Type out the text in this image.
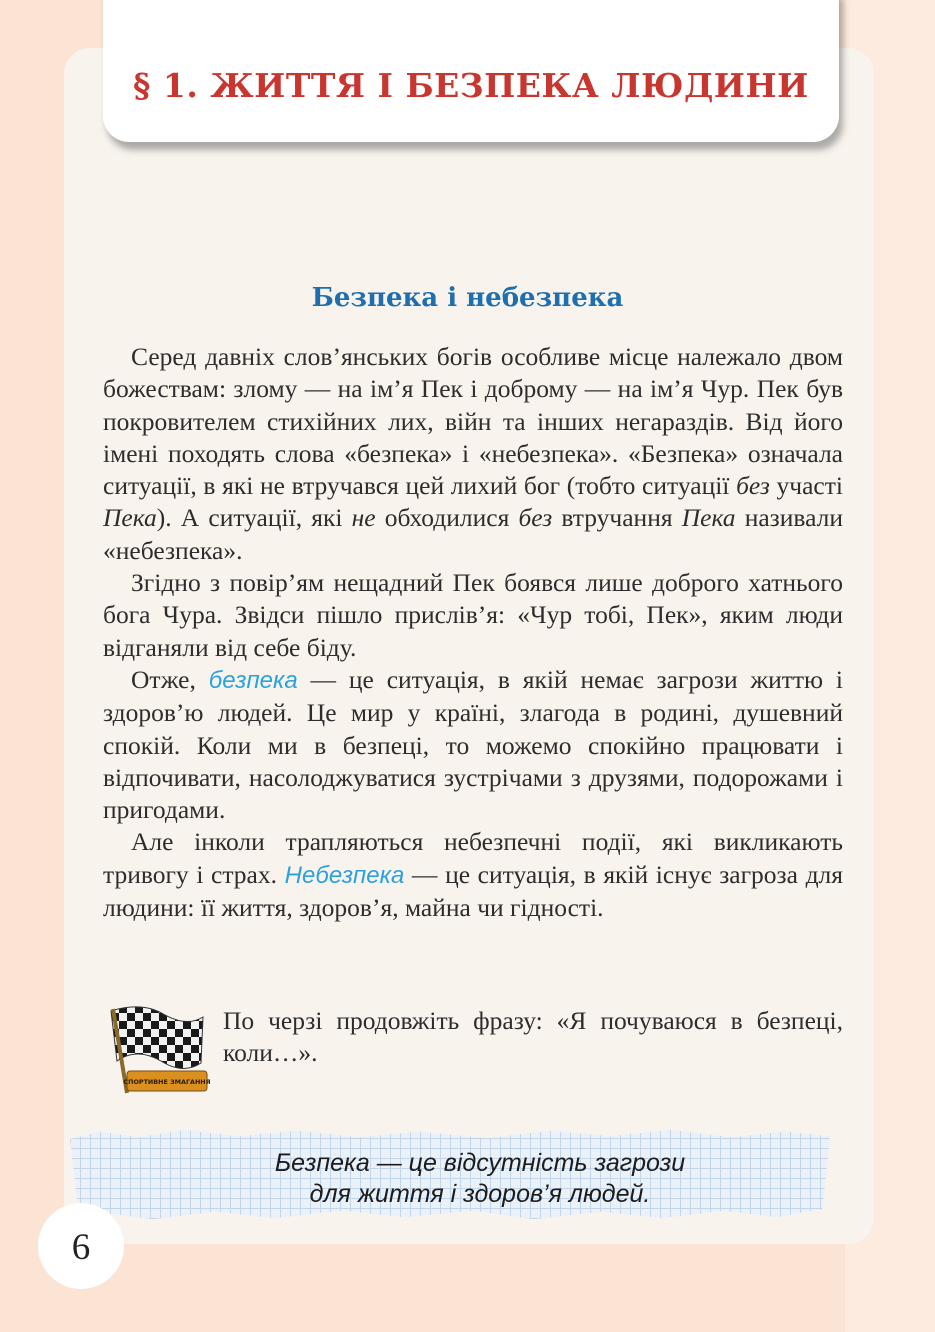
§ 1. ЖИТТЯ І БЕЗПЕКА ЛЮДИНИ
Безпека і небезпека

Серед давніх слов’янських богів особливе місце належало двом божествам: злому — на ім’я Пек і доброму — на ім’я Чур. Пек був покровителем стихійних лих, війн та інших негараздів. Від його імені походять слова «безпека» і «небезпека». «Безпека» означала ситуації, в які не втручався цей лихий бог (тобто ситуації без участі Пека). А ситуації, які не обходилися без втручання Пека називали «небезпека».

Згідно з повір’ям нещадний Пек боявся лише доброго хатнього бога Чура. Звідси пішло прислів’я: «Чур тобі, Пек», яким люди відганяли від себе біду.

Отже, безпека — це ситуація, в якій немає загрози життю і здоров’ю людей. Це мир у країні, злагода в родині, душевний спокій. Коли ми в безпеці, то можемо спокійно працювати і відпочивати, насолоджуватися зустрічами з друзями, подорожами і пригодами.

Але інколи трапляються небезпечні події, які викликають тривогу і страх. Небезпека — це ситуація, в якій існує загроза для людини: її життя, здоров’я, майна чи гідності.

СПОРТИВНЕ ЗМАГАННЯ
По черзі продовжіть фразу: «Я почуваюся в безпеці, коли…».
Безпека — це відсутність загрози
для життя і здоров’я людей.
6
